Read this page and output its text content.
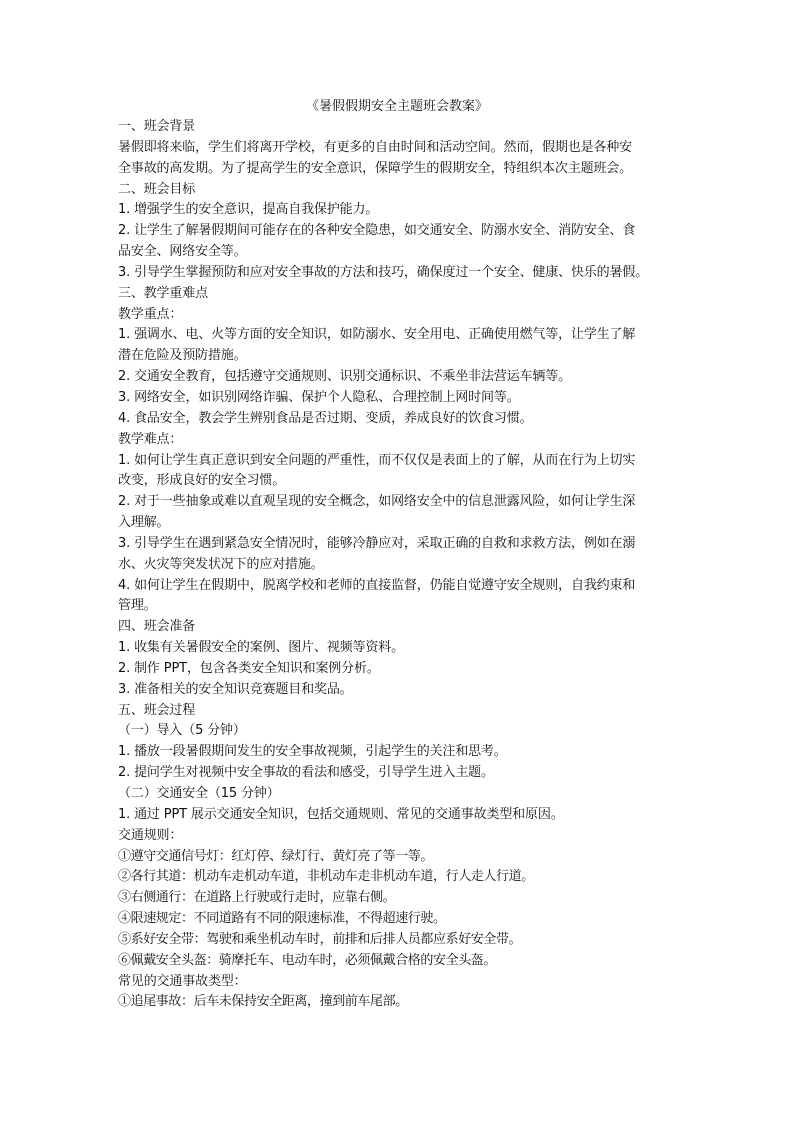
《暑假假期安全主题班会教案》
一、班会背景
暑假即将来临，学生们将离开学校，有更多的自由时间和活动空间。然而，假期也是各种安
全事故的高发期。为了提高学生的安全意识，保障学生的假期安全，特组织本次主题班会。
二、班会目标
1. 增强学生的安全意识，提高自我保护能力。
2. 让学生了解暑假期间可能存在的各种安全隐患，如交通安全、防溺水安全、消防安全、食
品安全、网络安全等。
3. 引导学生掌握预防和应对安全事故的方法和技巧，确保度过一个安全、健康、快乐的暑假。
三、教学重难点
教学重点：
1. 强调水、电、火等方面的安全知识，如防溺水、安全用电、正确使用燃气等，让学生了解
潜在危险及预防措施。
2. 交通安全教育，包括遵守交通规则、识别交通标识、不乘坐非法营运车辆等。
3. 网络安全，如识别网络诈骗、保护个人隐私、合理控制上网时间等。
4. 食品安全，教会学生辨别食品是否过期、变质，养成良好的饮食习惯。
教学难点：
1. 如何让学生真正意识到安全问题的严重性，而不仅仅是表面上的了解，从而在行为上切实
改变，形成良好的安全习惯。
2. 对于一些抽象或难以直观呈现的安全概念，如网络安全中的信息泄露风险，如何让学生深
入理解。
3. 引导学生在遇到紧急安全情况时，能够冷静应对，采取正确的自救和求救方法，例如在溺
水、火灾等突发状况下的应对措施。
4. 如何让学生在假期中，脱离学校和老师的直接监督，仍能自觉遵守安全规则，自我约束和
管理。
四、班会准备
1. 收集有关暑假安全的案例、图片、视频等资料。
2. 制作 PPT，包含各类安全知识和案例分析。
3. 准备相关的安全知识竞赛题目和奖品。
五、班会过程
（一）导入（5 分钟）
1. 播放一段暑假期间发生的安全事故视频，引起学生的关注和思考。
2. 提问学生对视频中安全事故的看法和感受，引导学生进入主题。
（二）交通安全（15 分钟）
1. 通过 PPT 展示交通安全知识，包括交通规则、常见的交通事故类型和原因。
交通规则：
①遵守交通信号灯：红灯停、绿灯行、黄灯亮了等一等。
②各行其道：机动车走机动车道，非机动车走非机动车道，行人走人行道。
③右侧通行：在道路上行驶或行走时，应靠右侧。
④限速规定：不同道路有不同的限速标准，不得超速行驶。
⑤系好安全带：驾驶和乘坐机动车时，前排和后排人员都应系好安全带。
⑥佩戴安全头盔：骑摩托车、电动车时，必须佩戴合格的安全头盔。
常见的交通事故类型：
①追尾事故：后车未保持安全距离，撞到前车尾部。
